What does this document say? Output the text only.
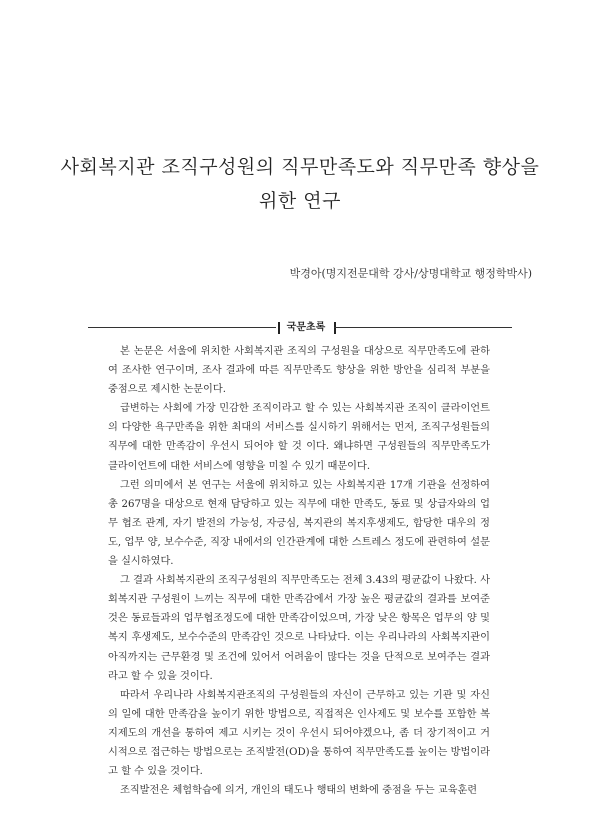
사회복지관 조직구성원의 직무만족도와 직무만족 향상을
위한 연구

박경아(명지전문대학 강사/상명대학교 행정학박사)

국문초록

본 논문은 서울에 위치한 사회복지관 조직의 구성원을 대상으로 직무만족도에 관하여 조사한 연구이며, 조사 결과에 따른 직무만족도 향상을 위한 방안을 심리적 부분을 중점으로 제시한 논문이다.

급변하는 사회에 가장 민감한 조직이라고 할 수 있는 사회복지관 조직이 클라이언트의 다양한 욕구만족을 위한 최대의 서비스를 실시하기 위해서는 먼저, 조직구성원들의 직무에 대한 만족감이 우선시 되어야 할 것 이다. 왜냐하면 구성원들의 직무만족도가 클라이언트에 대한 서비스에 영향을 미칠 수 있기 때문이다.

그런 의미에서 본 연구는 서울에 위치하고 있는 사회복지관 17개 기관을 선정하여 총 267명을 대상으로 현재 담당하고 있는 직무에 대한 만족도, 동료 및 상급자와의 업무 협조 관계, 자기 발전의 가능성, 자긍심, 복지관의 복지후생제도, 합당한 대우의 정도, 업무 양, 보수수준, 직장 내에서의 인간관계에 대한 스트레스 정도에 관련하여 설문을 실시하였다.

그 결과 사회복지관의 조직구성원의 직무만족도는 전체 3.43의 평균값이 나왔다. 사회복지관 구성원이 느끼는 직무에 대한 만족감에서 가장 높은 평균값의 결과를 보여준 것은 동료들과의 업무협조정도에 대한 만족감이었으며, 가장 낮은 항목은 업무의 양 및 복지 후생제도, 보수수준의 만족감인 것으로 나타났다. 이는 우리나라의 사회복지관이 아직까지는 근무환경 및 조건에 있어서 어려움이 많다는 것을 단적으로 보여주는 결과라고 할 수 있을 것이다.

따라서 우리나라 사회복지관조직의 구성원들의 자신이 근무하고 있는 기관 및 자신의 일에 대한 만족감을 높이기 위한 방법으로, 직접적은 인사제도 및 보수를 포함한 복지제도의 개선을 통하여 제고 시키는 것이 우선시 되어야겠으나, 좀 더 장기적이고 거시적으로 접근하는 방법으로는 조직발전(OD)을 통하여 직무만족도를 높이는 방법이라고 할 수 있을 것이다.

조직발전은 체험학습에 의거, 개인의 태도나 행태의 변화에 중점을 두는 교육훈련
